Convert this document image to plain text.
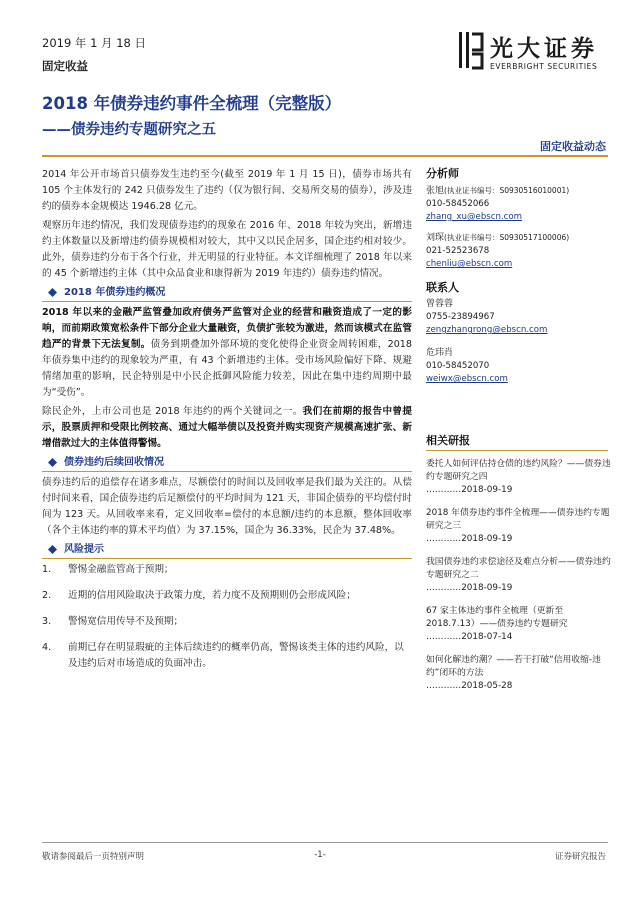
2019 年 1 月 18 日
固定收益
光大证券
EVERBRIGHT SECURITIES
2018 年债券违约事件全梳理（完整版）
——债券违约专题研究之五
固定收益动态

2014 年公开市场首只债券发生违约至今(截至 2019 年 1 月 15 日)，债券市场共有 105 个主体发行的 242 只债券发生了违约（仅为银行间、交易所交易的债券），涉及违约的债券本金规模达 1946.28 亿元。

观察历年违约情况，我们发现债券违约的现象在 2016 年、2018 年较为突出，新增违约主体数量以及新增违约债券规模相对较大，其中又以民企居多，国企违约相对较少。此外，债券违约分布于各个行业，并无明显的行业特征。本文详细梳理了 2018 年以来的 45 个新增违约主体（其中众品食业和康得新为 2019 年违约）债券违约情况。

2018 年债券违约概况

2018 年以来的金融严监管叠加政府债务严监管对企业的经营和融资造成了一定的影响，而前期政策宽松条件下部分企业大量融资，负债扩张较为激进，然而该模式在监管趋严的背景下无法复制。债务到期叠加外部环境的变化使得企业资金周转困难，2018 年债券集中违约的现象较为严重，有 43 个新增违约主体。受市场风险偏好下降、规避情绪加重的影响，民企特别是中小民企抵御风险能力较差，因此在集中违约周期中最为“受伤”。

除民企外，上市公司也是 2018 年违约的两个关键词之一。我们在前期的报告中曾提示，股票质押和受限比例较高、通过大幅举债以及投资并购实现资产规模高速扩张、新增借款过大的主体值得警惕。

债券违约后续回收情况

债券违约后的追偿存在诸多难点，尽额偿付的时间以及回收率是我们最为关注的。从偿付时间来看，国企债券违约后足额偿付的平均时间为 121 天，非国企债券的平均偿付时间为 123 天。从回收率来看，定义回收率=偿付的本息额/违约的本息额，整体回收率（各个主体违约率的算术平均值）为 37.15%，国企为 36.33%，民企为 37.48%。

风险提示
1. 警惕金融监管高于预期；
2. 近期的信用风险取决于政策力度，若力度不及预期则仍会形成风险；
3. 警惕宽信用传导不及预期；
4. 前期已存在明显瑕疵的主体后续违约的概率仍高，警惕该类主体的违约风险，以及违约后对市场造成的负面冲击。
分析师
张旭(执业证书编号：S0930516010001)
010-58452066
zhang_xu@ebscn.com
刘琛(执业证书编号：S0930517100006)
021-52523678
chenliu@ebscn.com
联系人
曾蓉蓉
0755-23894967
zengzhangrong@ebscn.com
危玮肖
010-58452070
weiwx@ebscn.com
相关研报
委托人如何评估持仓债的违约风险？——债券违约专题研究之四
…………2018-09-19
2018 年债券违约事件全梳理——债券违约专题研究之三
…………2018-09-19
我国债券违约求偿途径及难点分析——债券违约专题研究之二
…………2018-09-19
67 家主体违约事件全梳理（更新至2018.7.13）——债券违约专题研究
…………2018-07-14
如何化解违约潮？——若干打破“信用收缩-违约”闭环的方法
…………2018-05-28
敬请参阅最后一页特别声明	-1-	证券研究报告
